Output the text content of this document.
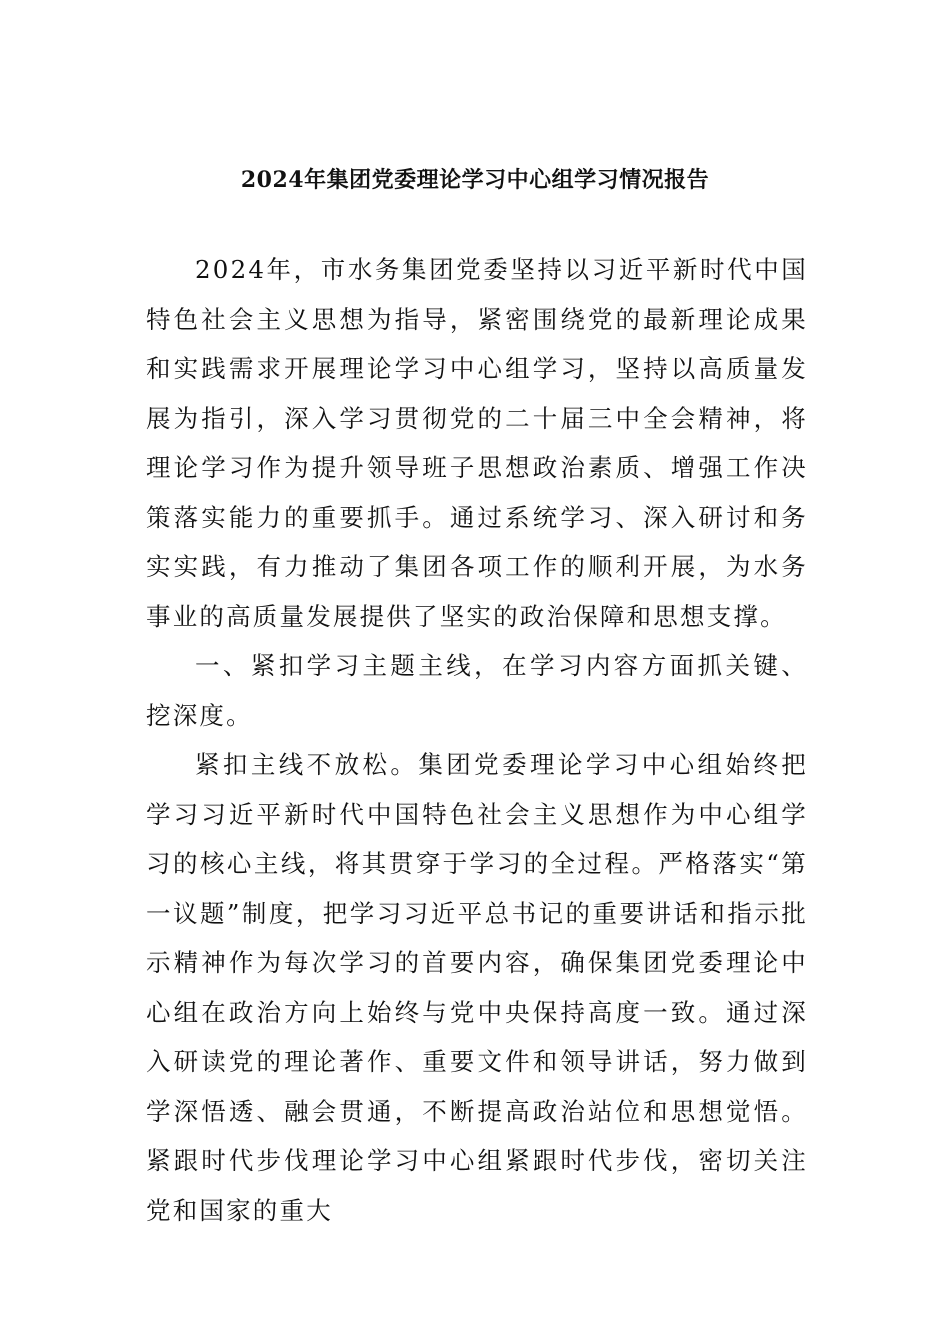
2024年集团党委理论学习中心组学习情况报告

2024年，市水务集团党委坚持以习近平新时代中国特色社会主义思想为指导，紧密围绕党的最新理论成果和实践需求开展理论学习中心组学习，坚持以高质量发展为指引，深入学习贯彻党的二十届三中全会精神，将理论学习作为提升领导班子思想政治素质、增强工作决策落实能力的重要抓手。通过系统学习、深入研讨和务实实践，有力推动了集团各项工作的顺利开展，为水务事业的高质量发展提供了坚实的政治保障和思想支撑。

一、紧扣学习主题主线，在学习内容方面抓关键、挖深度。

紧扣主线不放松。集团党委理论学习中心组始终把学习习近平新时代中国特色社会主义思想作为中心组学习的核心主线，将其贯穿于学习的全过程。严格落实“第一议题”制度，把学习习近平总书记的重要讲话和指示批示精神作为每次学习的首要内容，确保集团党委理论中心组在政治方向上始终与党中央保持高度一致。通过深入研读党的理论著作、重要文件和领导讲话，努力做到学深悟透、融会贯通，不断提高政治站位和思想觉悟。紧跟时代步伐理论学习中心组紧跟时代步伐，密切关注党和国家的重大
